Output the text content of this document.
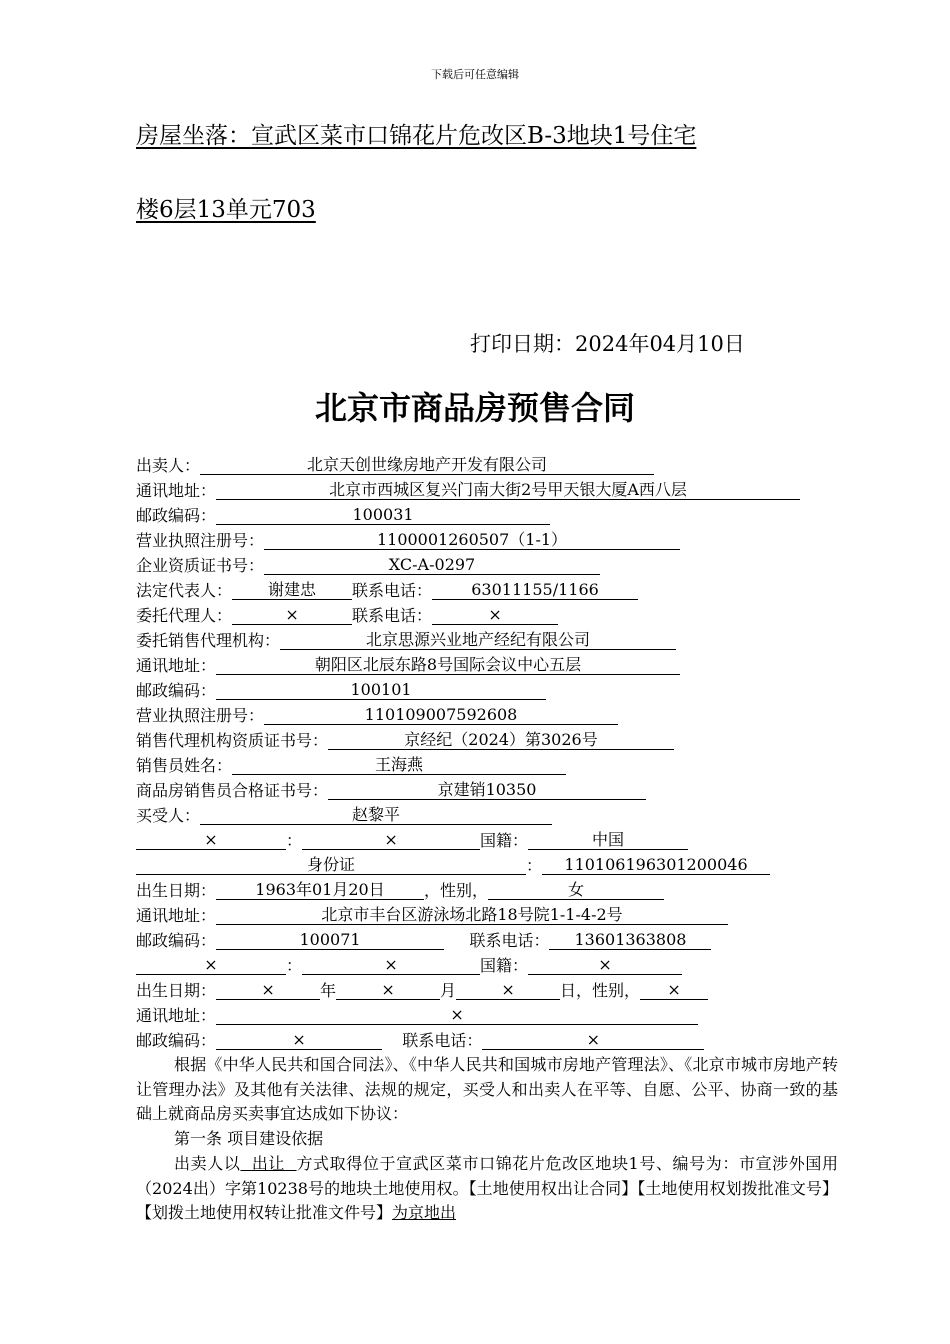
下载后可任意编辑
房屋坐落：宣武区菜市口锦花片危改区B-3地块1号住宅
楼6层13单元703
打印日期：2024年04月10日
北京市商品房预售合同
出卖人：	北京天创世缘房地产开发有限公司
通讯地址：	北京市西城区复兴门南大街2号甲天银大厦A西八层
邮政编码：	100031
营业执照注册号：	1100001260507（1-1）
企业资质证书号：	XC-A-0297
法定代表人： 谢建忠 联系电话： 63011155/1166
委托代理人：	×	联系电话：	×
委托销售代理机构：	北京思源兴业地产经纪有限公司
通讯地址：	朝阳区北辰东路8号国际会议中心五层
邮政编码：	100101
营业执照注册号：	110109007592608
销售代理机构资质证书号：	京经纪（2024）第3026号
销售员姓名：	王海燕
商品房销售员合格证书号：	京建销10350
买受人：	赵黎平
×	：	×	国籍：	中国
身份证	： 110106196301200046
出生日期： 1963年01月20日 ，性别，	女
通讯地址：	北京市丰台区游泳场北路18号院1-1-4-2号
邮政编码：	100071	联系电话： 13601363808
×	：	×	国籍：	×
出生日期：	×	年	×	月	×	日，性别， ×
通讯地址：	×
邮政编码：	×	联系电话：	×
根据《中华人民共和国合同法》、《中华人民共和国城市房地产管理法》、《北京市城市房地产转让管理办法》及其他有关法律、法规的规定，买受人和出卖人在平等、自愿、公平、协商一致的基础上就商品房买卖事宜达成如下协议：
第一条 项目建设依据
出卖人以 出让 方式取得位于宣武区菜市口锦花片危改区地块1号、编号为：市宣涉外国用（2024出）字第10238号的地块土地使用权。【土地使用权出让合同】【土地使用权划拨批准文号】【划拨土地使用权转让批准文件号】为京地出
